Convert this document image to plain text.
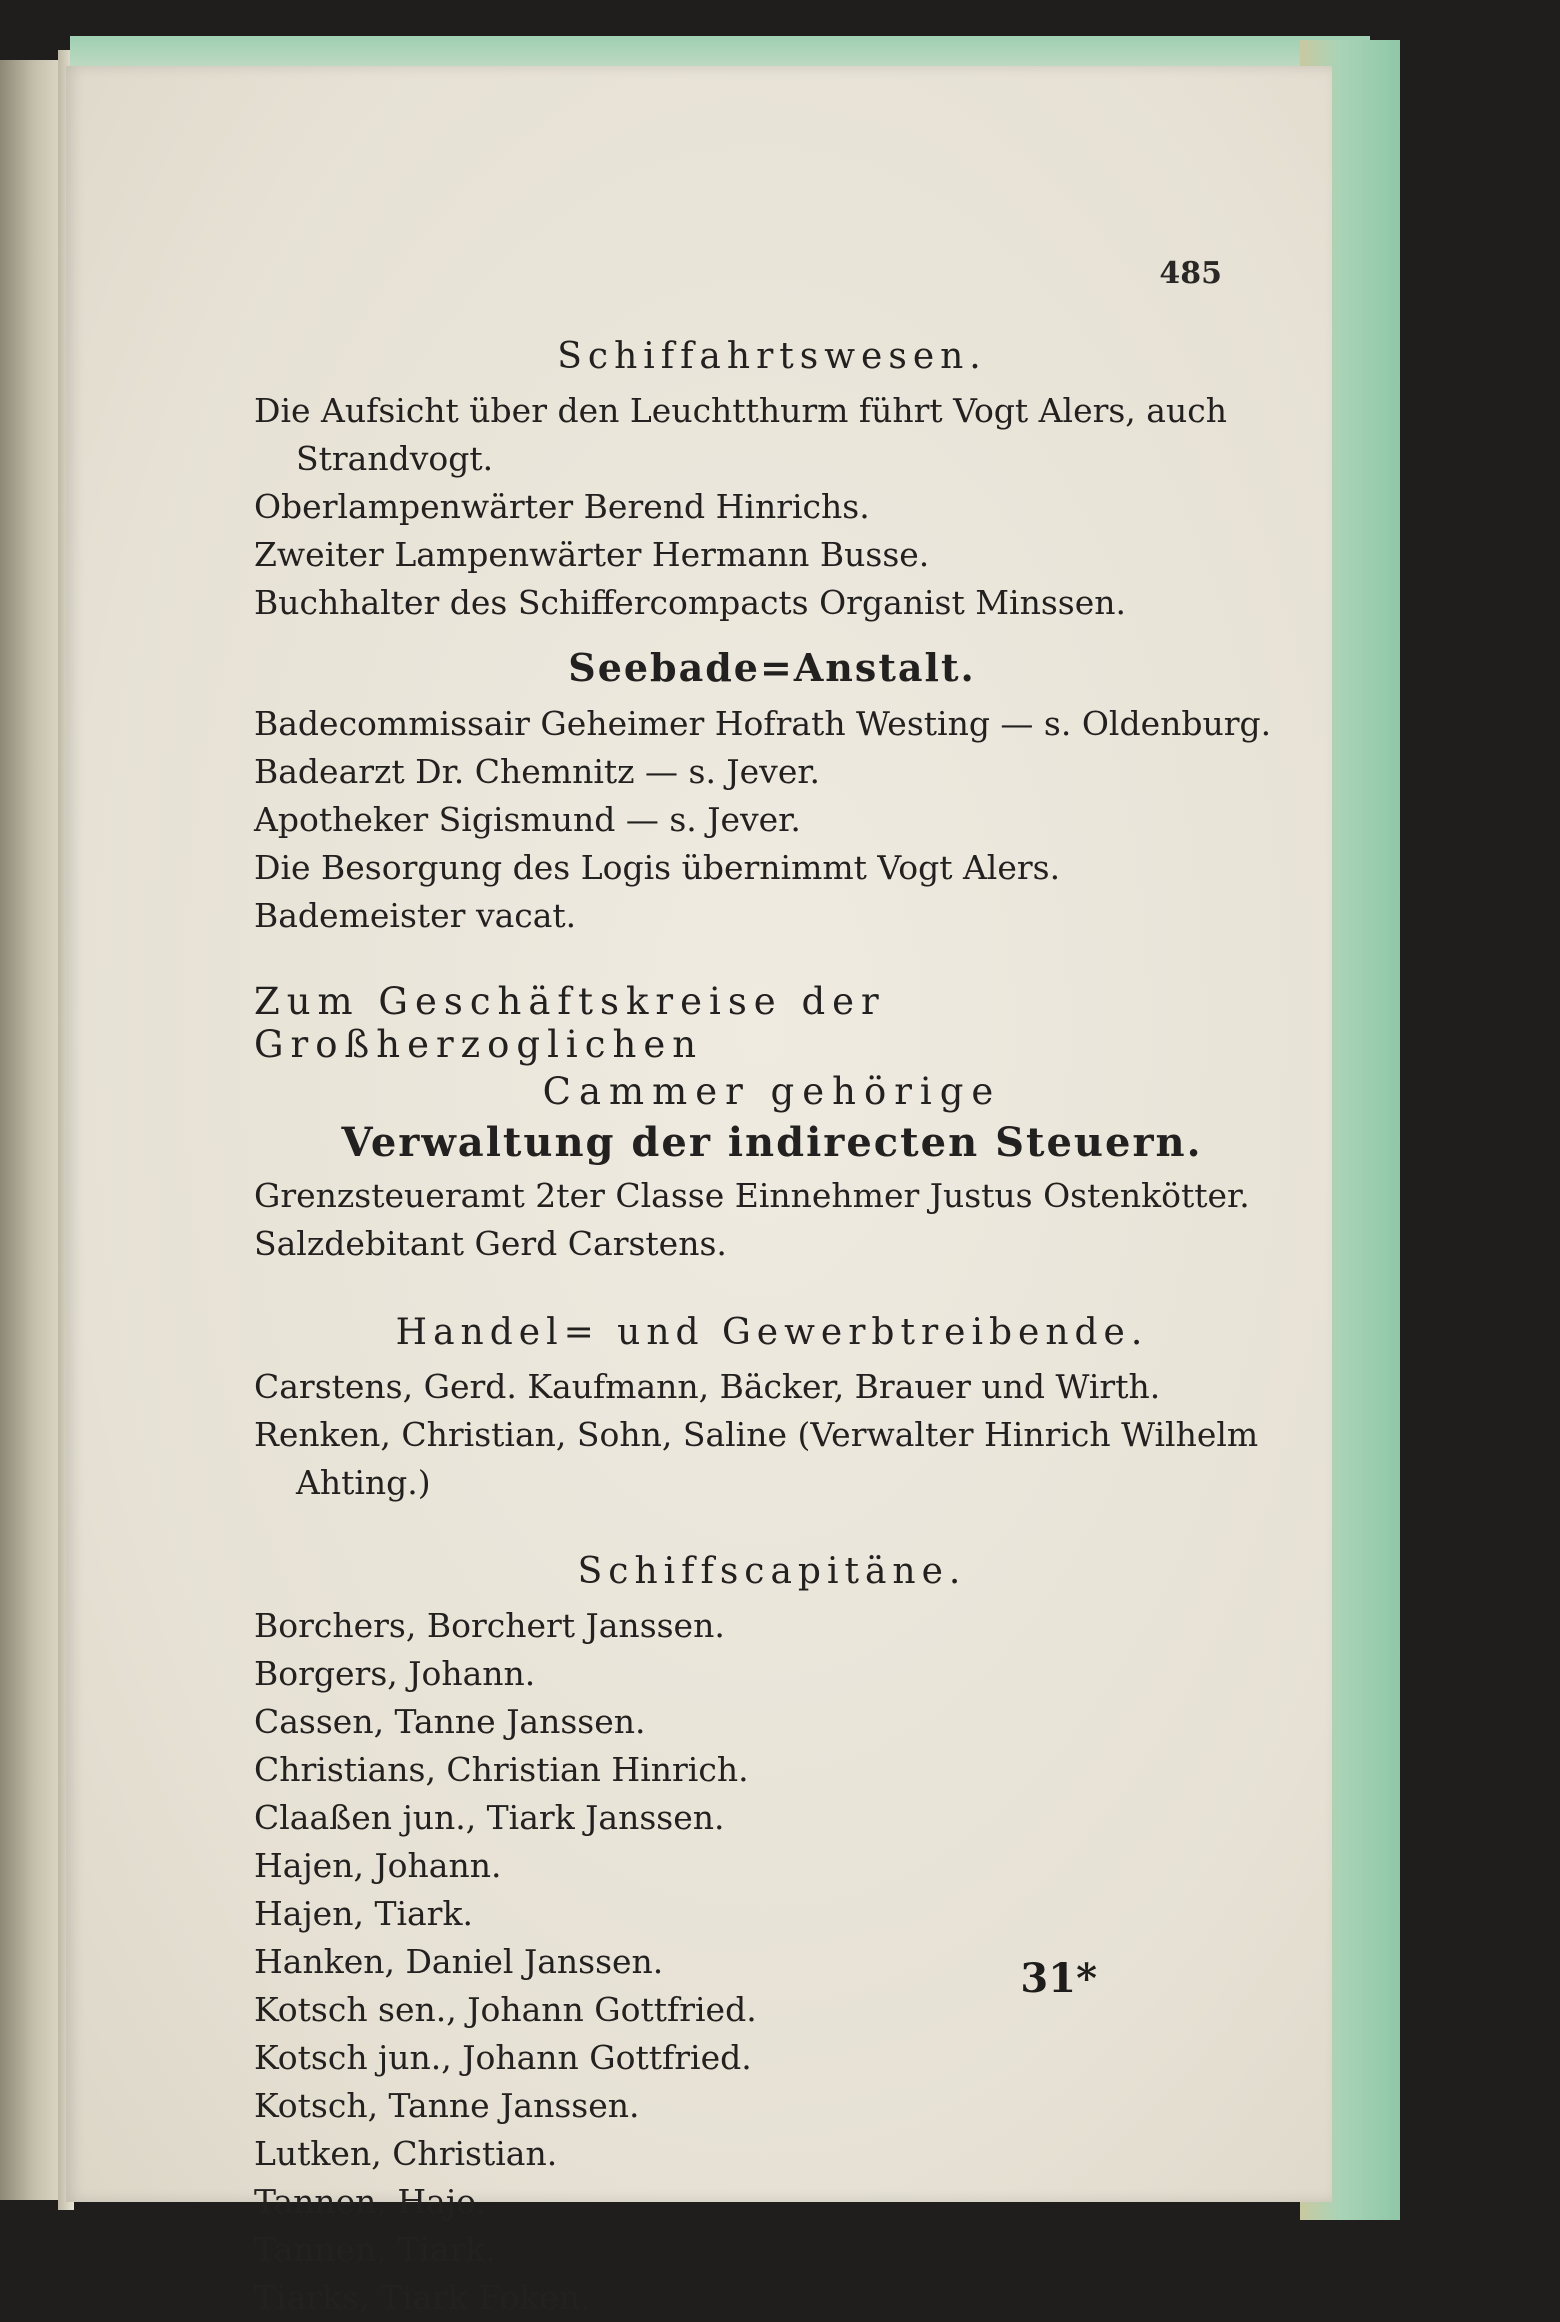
485
Schiffahrtswesen.

Die Aufsicht über den Leuchtthurm führt Vogt Alers, auch Strandvogt.

Oberlampenwärter Berend Hinrichs.

Zweiter Lampenwärter Hermann Busse.

Buchhalter des Schiffercompacts Organist Minssen.

Seebade=Anstalt.

Badecommissair Geheimer Hofrath Westing — s. Oldenburg.

Badearzt Dr. Chemnitz — s. Jever.

Apotheker Sigismund — s. Jever.

Die Besorgung des Logis übernimmt Vogt Alers.

Bademeister vacat.

Zum Geschäftskreise der Großherzoglichen
Cammer gehörige
Verwaltung der indirecten Steuern.

Grenzsteueramt 2ter Classe Einnehmer Justus Ostenkötter.

Salzdebitant Gerd Carstens.

Handel= und Gewerbtreibende.

Carstens, Gerd. Kaufmann, Bäcker, Brauer und Wirth.

Renken, Christian, Sohn, Saline (Verwalter Hinrich Wilhelm Ahting.)

Schiffscapitäne.

Borchers, Borchert Janssen.

Borgers, Johann.

Cassen, Tanne Janssen.

Christians, Christian Hinrich.

Claaßen jun., Tiark Janssen.

Hajen, Johann.

Hajen, Tiark.

Hanken, Daniel Janssen.

Kotsch sen., Johann Gottfried.

Kotsch jun., Johann Gottfried.

Kotsch, Tanne Janssen.

Lutken, Christian.

Tannen, Hajo.

Tannen, Tiark.

Tiarks, Tiark Foken.

31*
